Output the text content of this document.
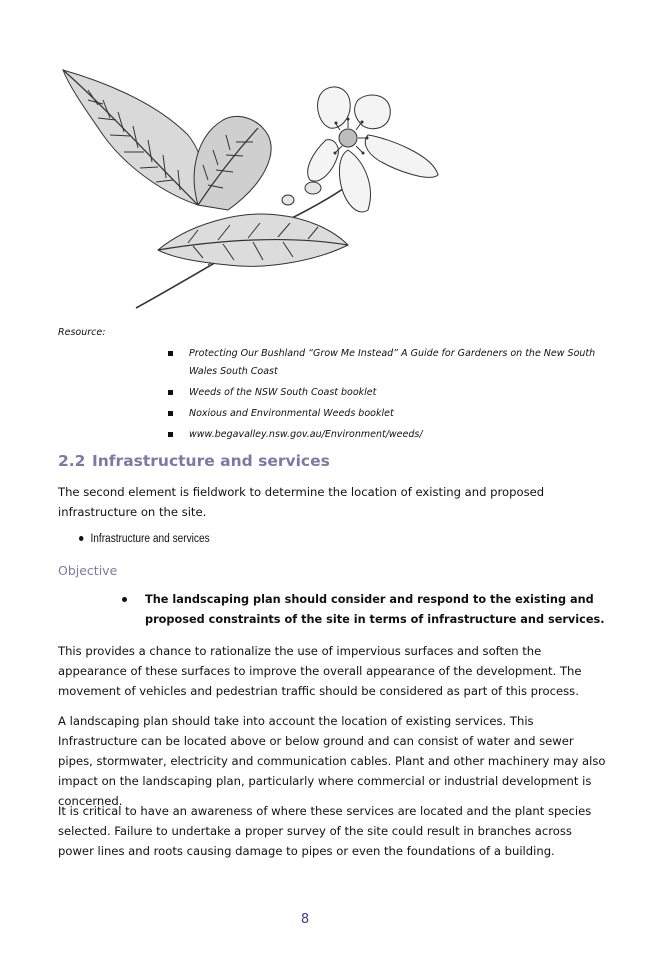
Resource:
Protecting Our Bushland “Grow Me Instead” A Guide for Gardeners on the New South Wales South Coast
Weeds of the NSW South Coast booklet
Noxious and Environmental Weeds booklet
www.begavalley.nsw.gov.au/Environment/weeds/
2.2 Infrastructure and services
The second element is fieldwork to determine the location of existing and proposed infrastructure on the site.
Infrastructure and services
Objective
The landscaping plan should consider and respond to the existing and proposed constraints of the site in terms of infrastructure and services.
This provides a chance to rationalize the use of impervious surfaces and soften the appearance of these surfaces to improve the overall appearance of the development. The movement of vehicles and pedestrian traffic should be considered as part of this process.
A landscaping plan should take into account the location of existing services. This Infrastructure can be located above or below ground and can consist of water and sewer pipes, stormwater, electricity and communication cables. Plant and other machinery may also impact on the landscaping plan, particularly where commercial or industrial development is concerned.
It is critical to have an awareness of where these services are located and the plant species selected. Failure to undertake a proper survey of the site could result in branches across power lines and roots causing damage to pipes or even the foundations of a building.
8
